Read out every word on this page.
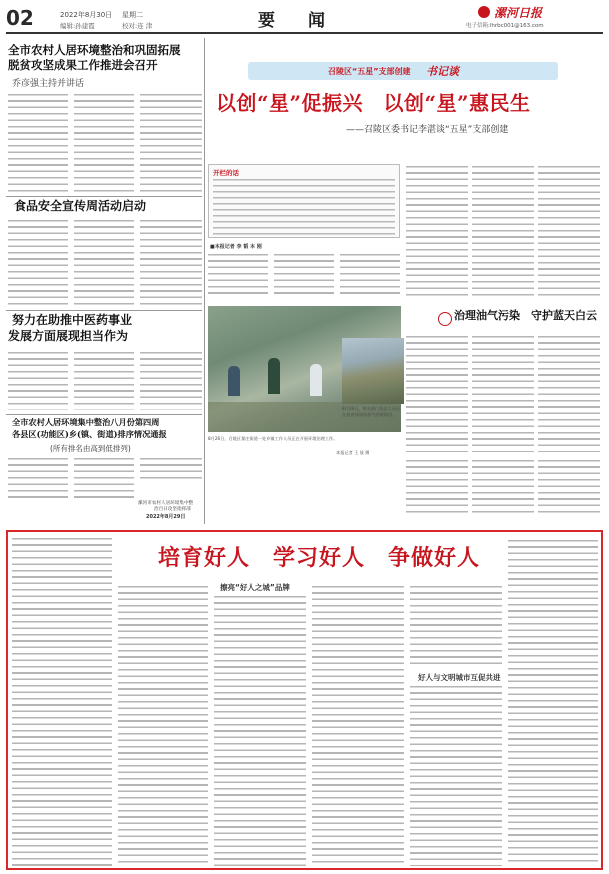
02	2022年8月30日 星期二
编辑:孙建霞	校对:连 津	要　闻	漯河日报
电子信箱:lhrbc001@163.com
全市农村人居环境整治和巩固拓展
脱贫攻坚成果工作推进会召开
乔彦强主持并讲话
食品安全宣传周活动启动
努力在助推中医药事业
发展方面展现担当作为
全市农村人居环境集中整治八月份第四周
各县区(功能区)乡(镇、街道)排序情况通报
(所有排名由高到低排列)
漯河市农村人居环境集中整
治百日攻坚指挥部
2022年8月29日
召陵区“五星”支部创建 书记谈
以创“星”促振兴　以创“星”惠民生
——召陵区委书记李湛谈“五星”支部创建
开栏的话
■本报记者 李 韬 本 刚
8月26日，召陵区翟庄街道一处乡镇工作人员正在开展环境治理工作。
本报记者 王 晟 摄
治理油气污染　守护蓝天白云
8月29日，相关部门执法人员正在检查加油站油气回收情况。
培育好人　学习好人　争做好人
擦亮“好人之城”品牌
好人与文明城市互促共进
